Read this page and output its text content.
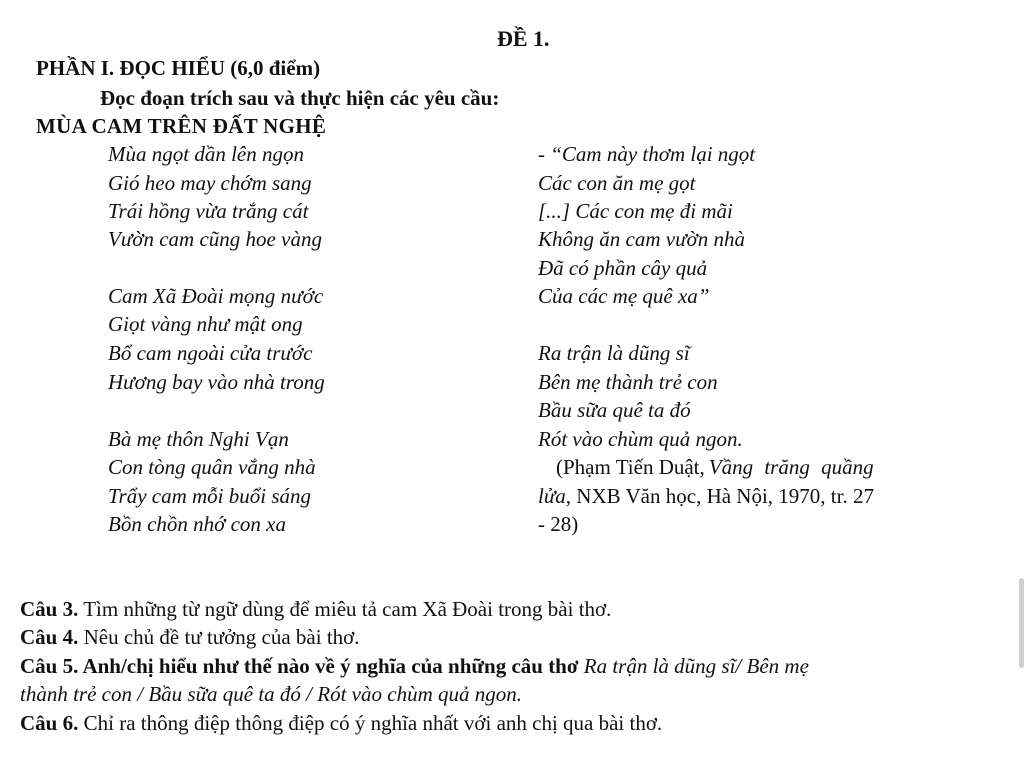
ĐỀ 1.
PHẦN I. ĐỌC HIỂU (6,0 điểm)
Đọc đoạn trích sau và thực hiện các yêu cầu:
MÙA CAM TRÊN ĐẤT NGHỆ
Mùa ngọt dần lên ngọn
Gió heo may chớm sang
Trái hồng vừa trắng cát
Vườn cam cũng hoe vàng
Cam Xã Đoài mọng nước
Giọt vàng như mật ong
Bổ cam ngoài cửa trước
Hương bay vào nhà trong
Bà mẹ thôn Nghi Vạn
Con tòng quân vắng nhà
Trẩy cam mỗi buổi sáng
Bồn chồn nhớ con xa
- “Cam này thơm lại ngọt
Các con ăn mẹ gọt
[...] Các con mẹ đi mãi
Không ăn cam vườn nhà
Đã có phần cây quả
Của các mẹ quê xa”
Ra trận là dũng sĩ
Bên mẹ thành trẻ con
Bầu sữa quê ta đó
Rót vào chùm quả ngon.
(Phạm Tiến Duật, Vầng trăng quầng
lửa, NXB Văn học, Hà Nội, 1970, tr. 27
- 28)
Câu 3. Tìm những từ ngữ dùng để miêu tả cam Xã Đoài trong bài thơ.
Câu 4. Nêu chủ đề tư tưởng của bài thơ.
Câu 5. Anh/chị hiểu như thế nào về ý nghĩa của những câu thơ Ra trận là dũng sĩ/ Bên mẹ
thành trẻ con / Bầu sữa quê ta đó / Rót vào chùm quả ngon.
Câu 6. Chỉ ra thông điệp thông điệp có ý nghĩa nhất với anh chị qua bài thơ.
